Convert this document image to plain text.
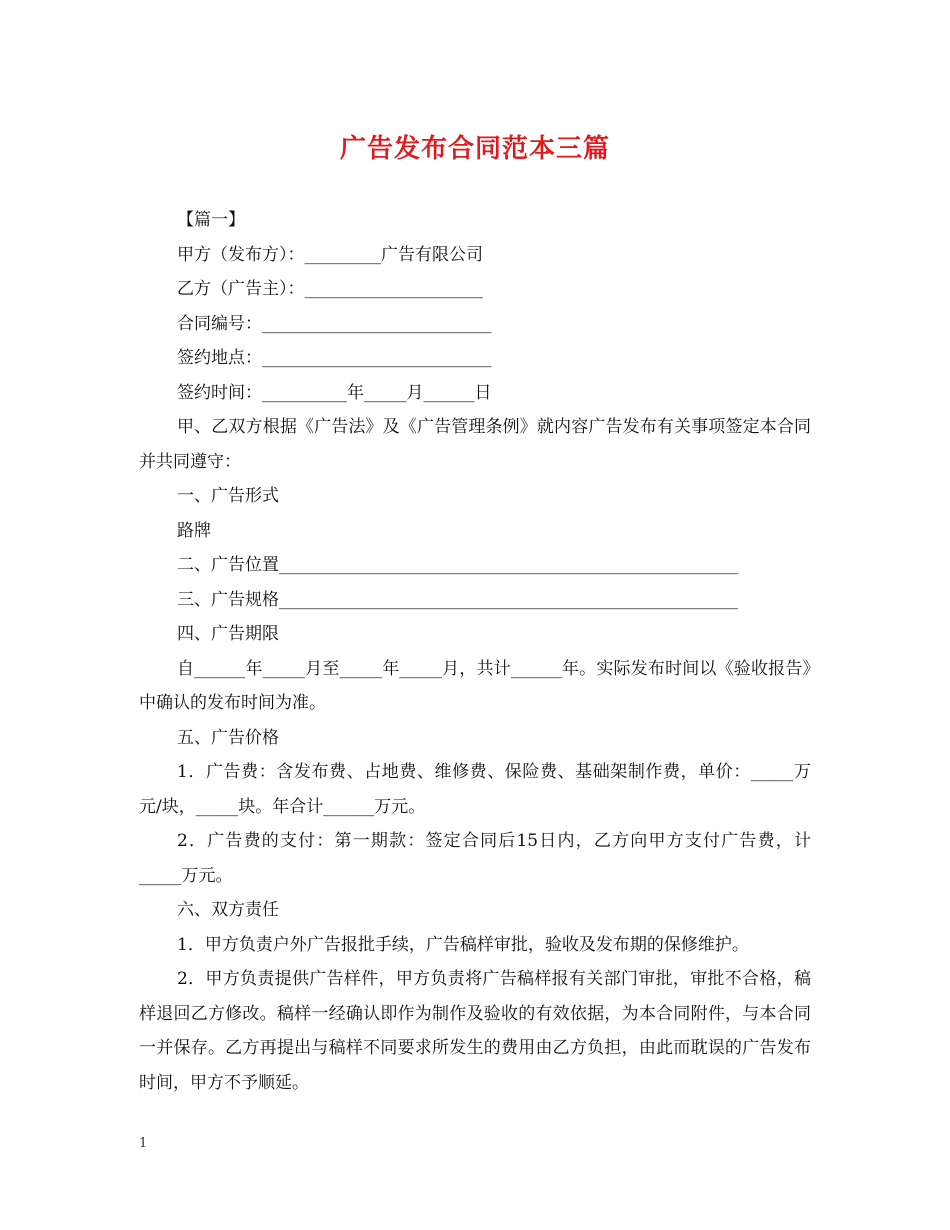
广告发布合同范本三篇

【篇一】

甲方（发布方）：_________广告有限公司

乙方（广告主）：_____________________

合同编号：___________________________

签约地点：___________________________

签约时间：__________年_____月______日

甲、乙双方根据《广告法》及《广告管理条例》就内容广告发布有关事项签定本合同并共同遵守：

一、广告形式

路牌

二、广告位置______________________________________________________

三、广告规格______________________________________________________

四、广告期限

自______年_____月至_____年_____月，共计______年。实际发布时间以《验收报告》中确认的发布时间为准。

五、广告价格

1．广告费：含发布费、占地费、维修费、保险费、基础架制作费，单价：_____万元/块，_____块。年合计______万元。

2．广告费的支付：第一期款：签定合同后15日内，乙方向甲方支付广告费，计_____万元。

六、双方责任

1．甲方负责户外广告报批手续，广告稿样审批，验收及发布期的保修维护。

2．甲方负责提供广告样件，甲方负责将广告稿样报有关部门审批，审批不合格，稿样退回乙方修改。稿样一经确认即作为制作及验收的有效依据，为本合同附件，与本合同一并保存。乙方再提出与稿样不同要求所发生的费用由乙方负担，由此而耽误的广告发布时间，甲方不予顺延。

1
